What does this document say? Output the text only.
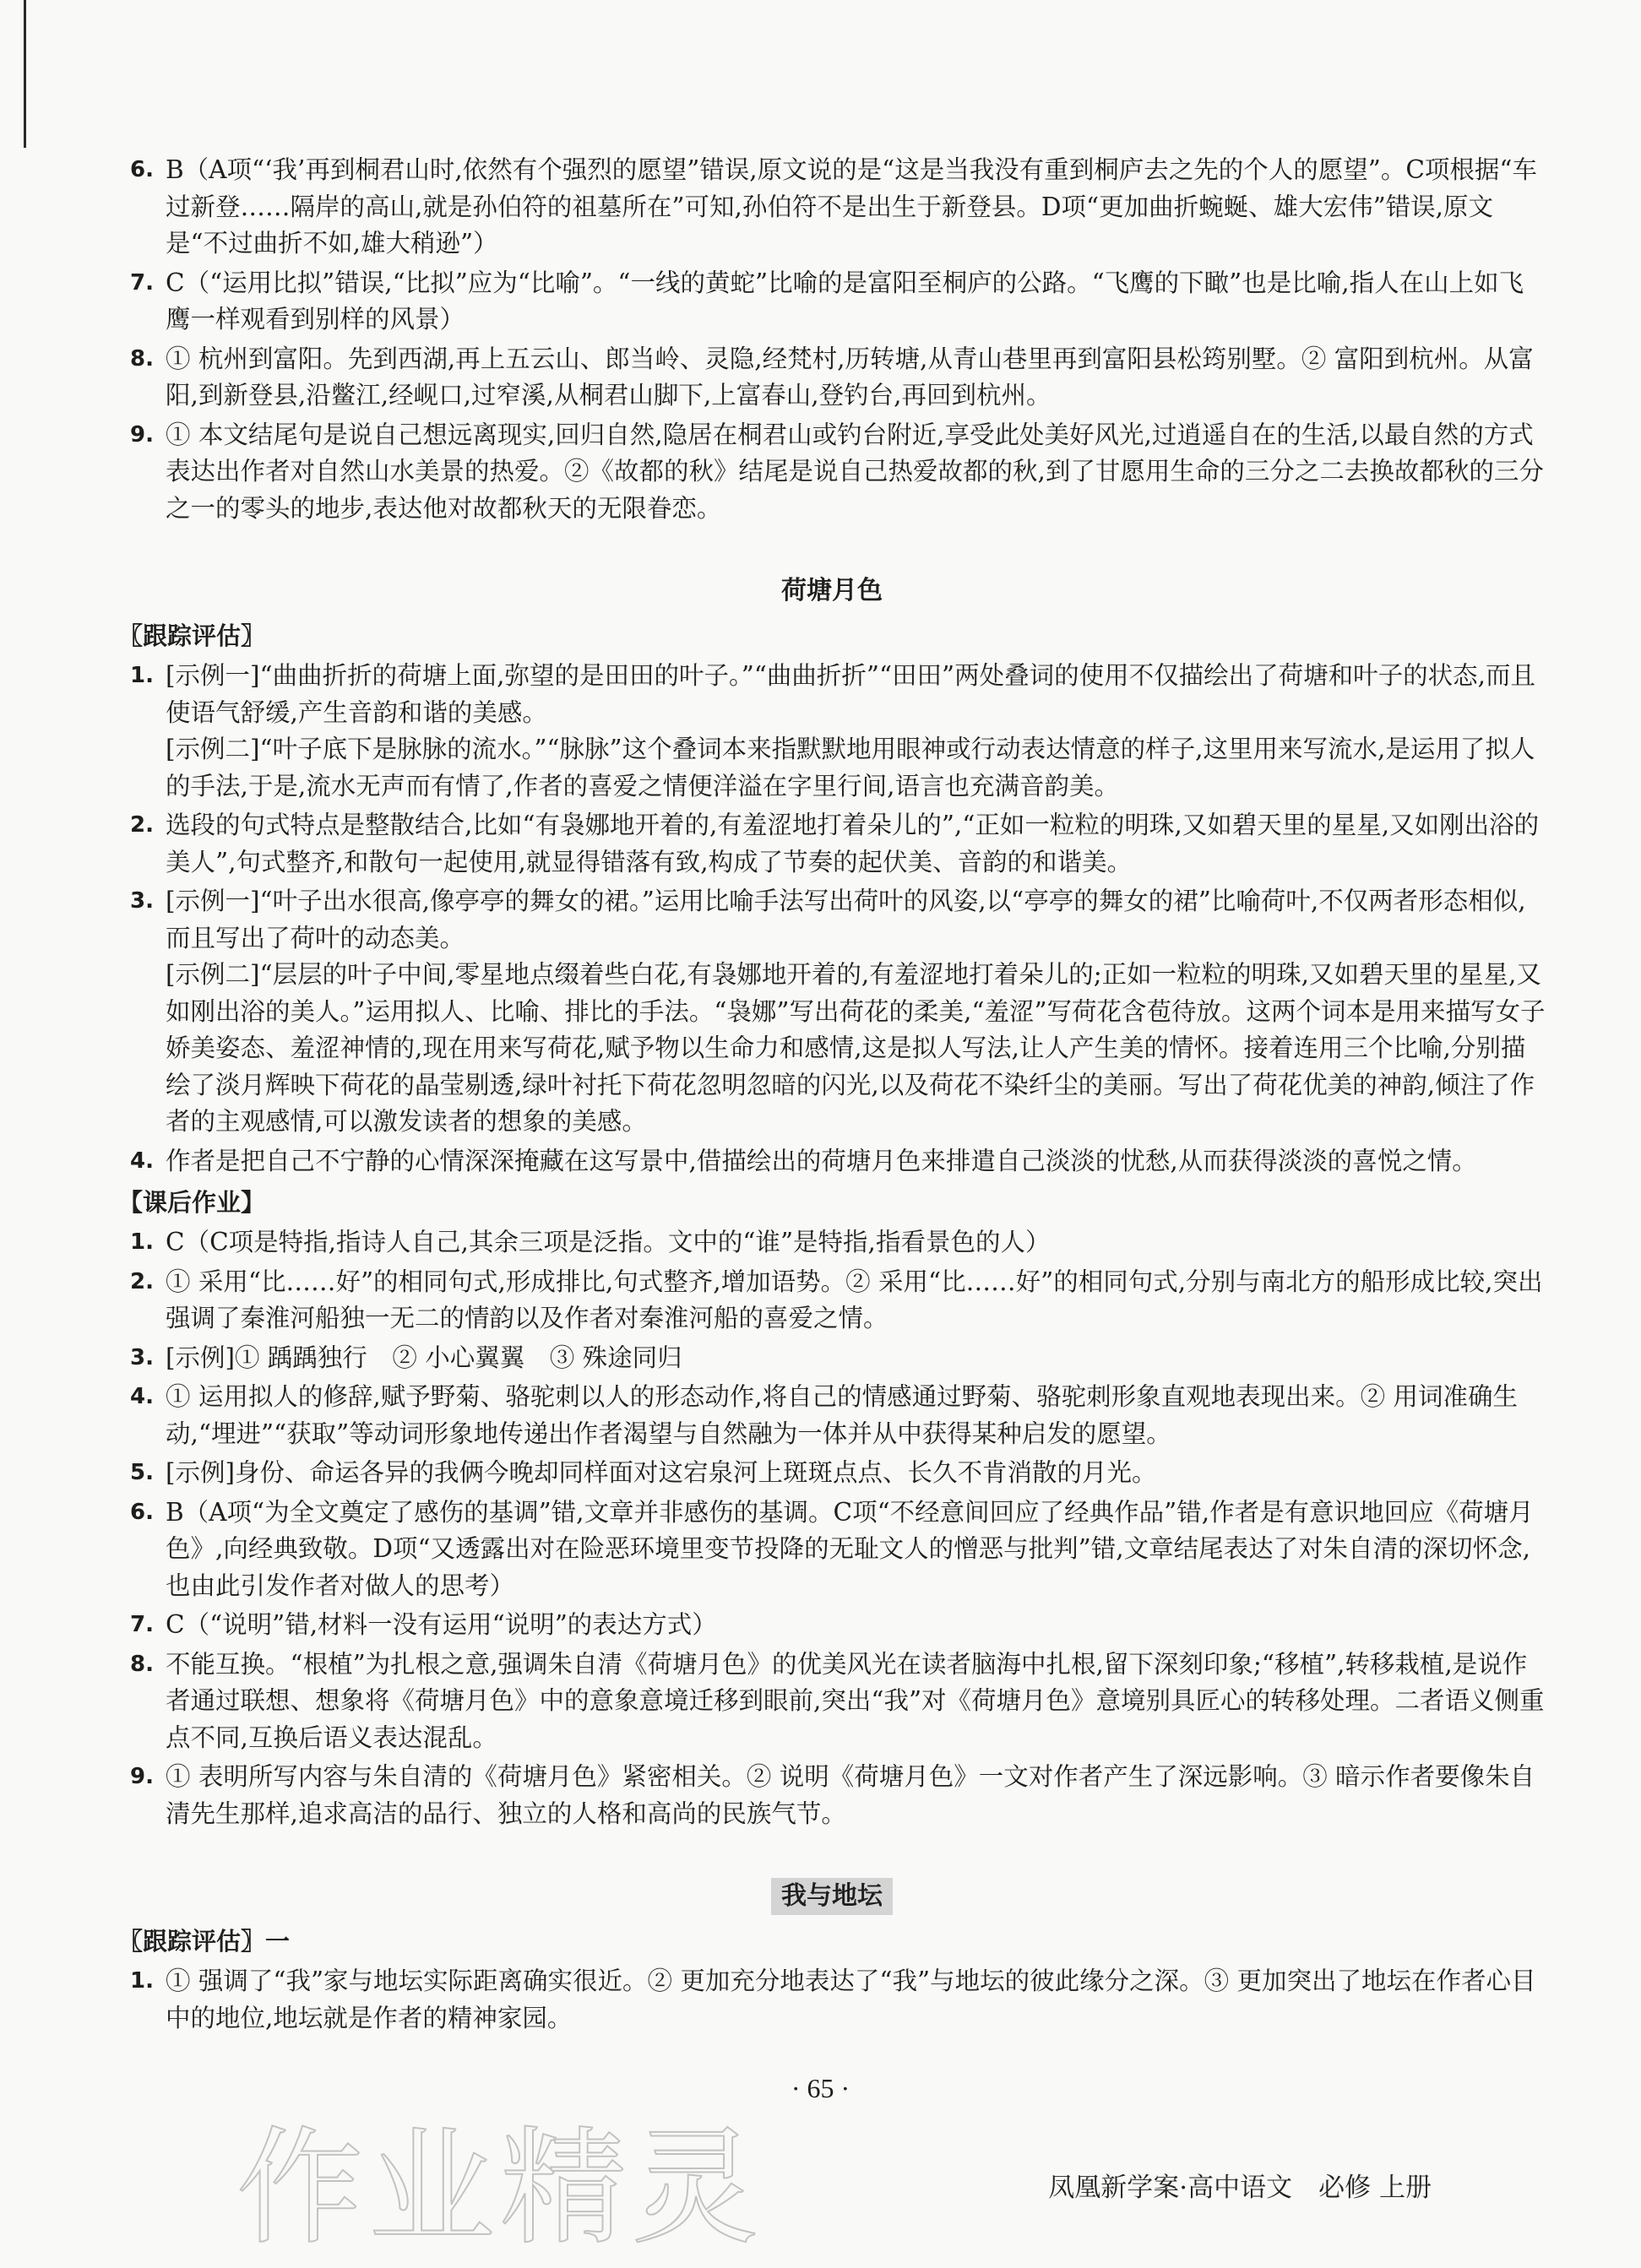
6. B（A项“‘我’再到桐君山时,依然有个强烈的愿望”错误,原文说的是“这是当我没有重到桐庐去之先的个人的愿望”。C项根据“车过新登……隔岸的高山,就是孙伯符的祖墓所在”可知,孙伯符不是出生于新登县。D项“更加曲折蜿蜒、雄大宏伟”错误,原文是“不过曲折不如,雄大稍逊”）

7. C（“运用比拟”错误,“比拟”应为“比喻”。“一线的黄蛇”比喻的是富阳至桐庐的公路。“飞鹰的下瞰”也是比喻,指人在山上如飞鹰一样观看到别样的风景）

8. ① 杭州到富阳。先到西湖,再上五云山、郎当岭、灵隐,经梵村,历转塘,从青山巷里再到富阳县松筠别墅。② 富阳到杭州。从富阳,到新登县,沿鳖江,经岘口,过窄溪,从桐君山脚下,上富春山,登钓台,再回到杭州。

9. ① 本文结尾句是说自己想远离现实,回归自然,隐居在桐君山或钓台附近,享受此处美好风光,过逍遥自在的生活,以最自然的方式表达出作者对自然山水美景的热爱。②《故都的秋》结尾是说自己热爱故都的秋,到了甘愿用生命的三分之二去换故都秋的三分之一的零头的地步,表达他对故都秋天的无限眷恋。

荷塘月色
〖跟踪评估〗
1. [示例一]“曲曲折折的荷塘上面,弥望的是田田的叶子。”“曲曲折折”“田田”两处叠词的使用不仅描绘出了荷塘和叶子的状态,而且使语气舒缓,产生音韵和谐的美感。

[示例二]“叶子底下是脉脉的流水。”“脉脉”这个叠词本来指默默地用眼神或行动表达情意的样子,这里用来写流水,是运用了拟人的手法,于是,流水无声而有情了,作者的喜爱之情便洋溢在字里行间,语言也充满音韵美。

2. 选段的句式特点是整散结合,比如“有袅娜地开着的,有羞涩地打着朵儿的”,“正如一粒粒的明珠,又如碧天里的星星,又如刚出浴的美人”,句式整齐,和散句一起使用,就显得错落有致,构成了节奏的起伏美、音韵的和谐美。

3. [示例一]“叶子出水很高,像亭亭的舞女的裙。”运用比喻手法写出荷叶的风姿,以“亭亭的舞女的裙”比喻荷叶,不仅两者形态相似,而且写出了荷叶的动态美。

[示例二]“层层的叶子中间,零星地点缀着些白花,有袅娜地开着的,有羞涩地打着朵儿的;正如一粒粒的明珠,又如碧天里的星星,又如刚出浴的美人。”运用拟人、比喻、排比的手法。“袅娜”写出荷花的柔美,“羞涩”写荷花含苞待放。这两个词本是用来描写女子娇美姿态、羞涩神情的,现在用来写荷花,赋予物以生命力和感情,这是拟人写法,让人产生美的情怀。接着连用三个比喻,分别描绘了淡月辉映下荷花的晶莹剔透,绿叶衬托下荷花忽明忽暗的闪光,以及荷花不染纤尘的美丽。写出了荷花优美的神韵,倾注了作者的主观感情,可以激发读者的想象的美感。

4. 作者是把自己不宁静的心情深深掩藏在这写景中,借描绘出的荷塘月色来排遣自己淡淡的忧愁,从而获得淡淡的喜悦之情。

【课后作业】
1. C（C项是特指,指诗人自己,其余三项是泛指。文中的“谁”是特指,指看景色的人）

2. ① 采用“比……好”的相同句式,形成排比,句式整齐,增加语势。② 采用“比……好”的相同句式,分别与南北方的船形成比较,突出强调了秦淮河船独一无二的情韵以及作者对秦淮河船的喜爱之情。

3. [示例]① 踽踽独行　② 小心翼翼　③ 殊途同归

4. ① 运用拟人的修辞,赋予野菊、骆驼刺以人的形态动作,将自己的情感通过野菊、骆驼刺形象直观地表现出来。② 用词准确生动,“埋进”“获取”等动词形象地传递出作者渴望与自然融为一体并从中获得某种启发的愿望。

5. [示例]身份、命运各异的我俩今晚却同样面对这宕泉河上斑斑点点、长久不肯消散的月光。

6. B（A项“为全文奠定了感伤的基调”错,文章并非感伤的基调。C项“不经意间回应了经典作品”错,作者是有意识地回应《荷塘月色》,向经典致敬。D项“又透露出对在险恶环境里变节投降的无耻文人的憎恶与批判”错,文章结尾表达了对朱自清的深切怀念,也由此引发作者对做人的思考）

7. C（“说明”错,材料一没有运用“说明”的表达方式）

8. 不能互换。“根植”为扎根之意,强调朱自清《荷塘月色》的优美风光在读者脑海中扎根,留下深刻印象;“移植”,转移栽植,是说作者通过联想、想象将《荷塘月色》中的意象意境迁移到眼前,突出“我”对《荷塘月色》意境别具匠心的转移处理。二者语义侧重点不同,互换后语义表达混乱。

9. ① 表明所写内容与朱自清的《荷塘月色》紧密相关。② 说明《荷塘月色》一文对作者产生了深远影响。③ 暗示作者要像朱自清先生那样,追求高洁的品行、独立的人格和高尚的民族气节。

我与地坛
〖跟踪评估〗一
1. ① 强调了“我”家与地坛实际距离确实很近。② 更加充分地表达了“我”与地坛的彼此缘分之深。③ 更加突出了地坛在作者心目中的地位,地坛就是作者的精神家园。

作业精灵
· 65 ·
凤凰新学案·高中语文　必修 上册
